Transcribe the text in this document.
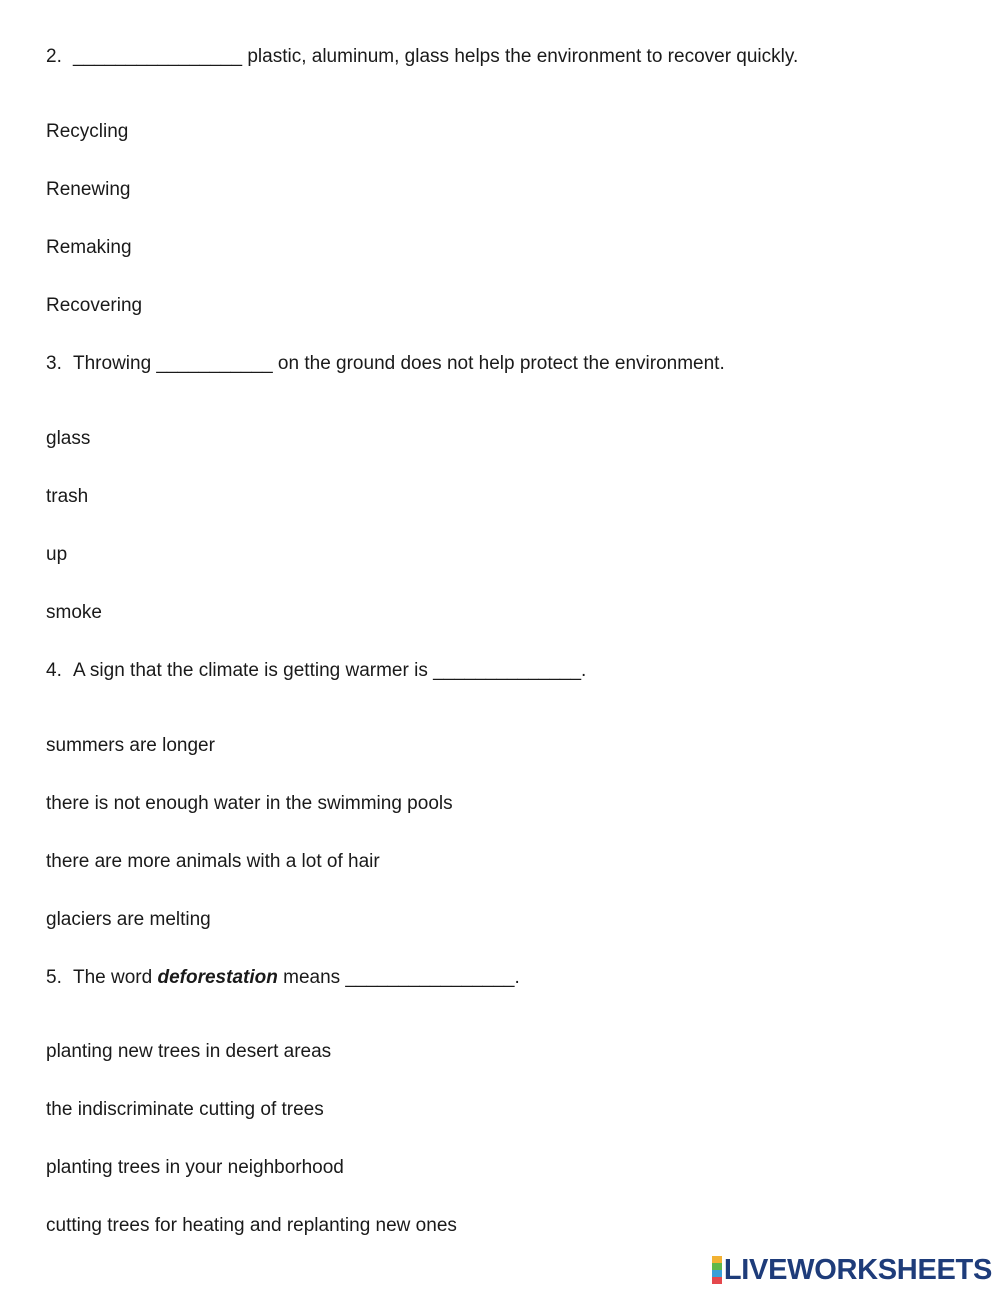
2. ________________ plastic, aluminum, glass helps the environment to recover quickly.
Recycling
Renewing
Remaking
Recovering
3. Throwing ___________ on the ground does not help protect the environment.
glass
trash
up
smoke
4. A sign that the climate is getting warmer is ______________.
summers are longer
there is not enough water in the swimming pools
there are more animals with a lot of hair
glaciers are melting
5. The word deforestation means ________________.
planting new trees in desert areas
the indiscriminate cutting of trees
planting trees in your neighborhood
cutting trees for heating and replanting new ones
LIVEWORKSHEETS
